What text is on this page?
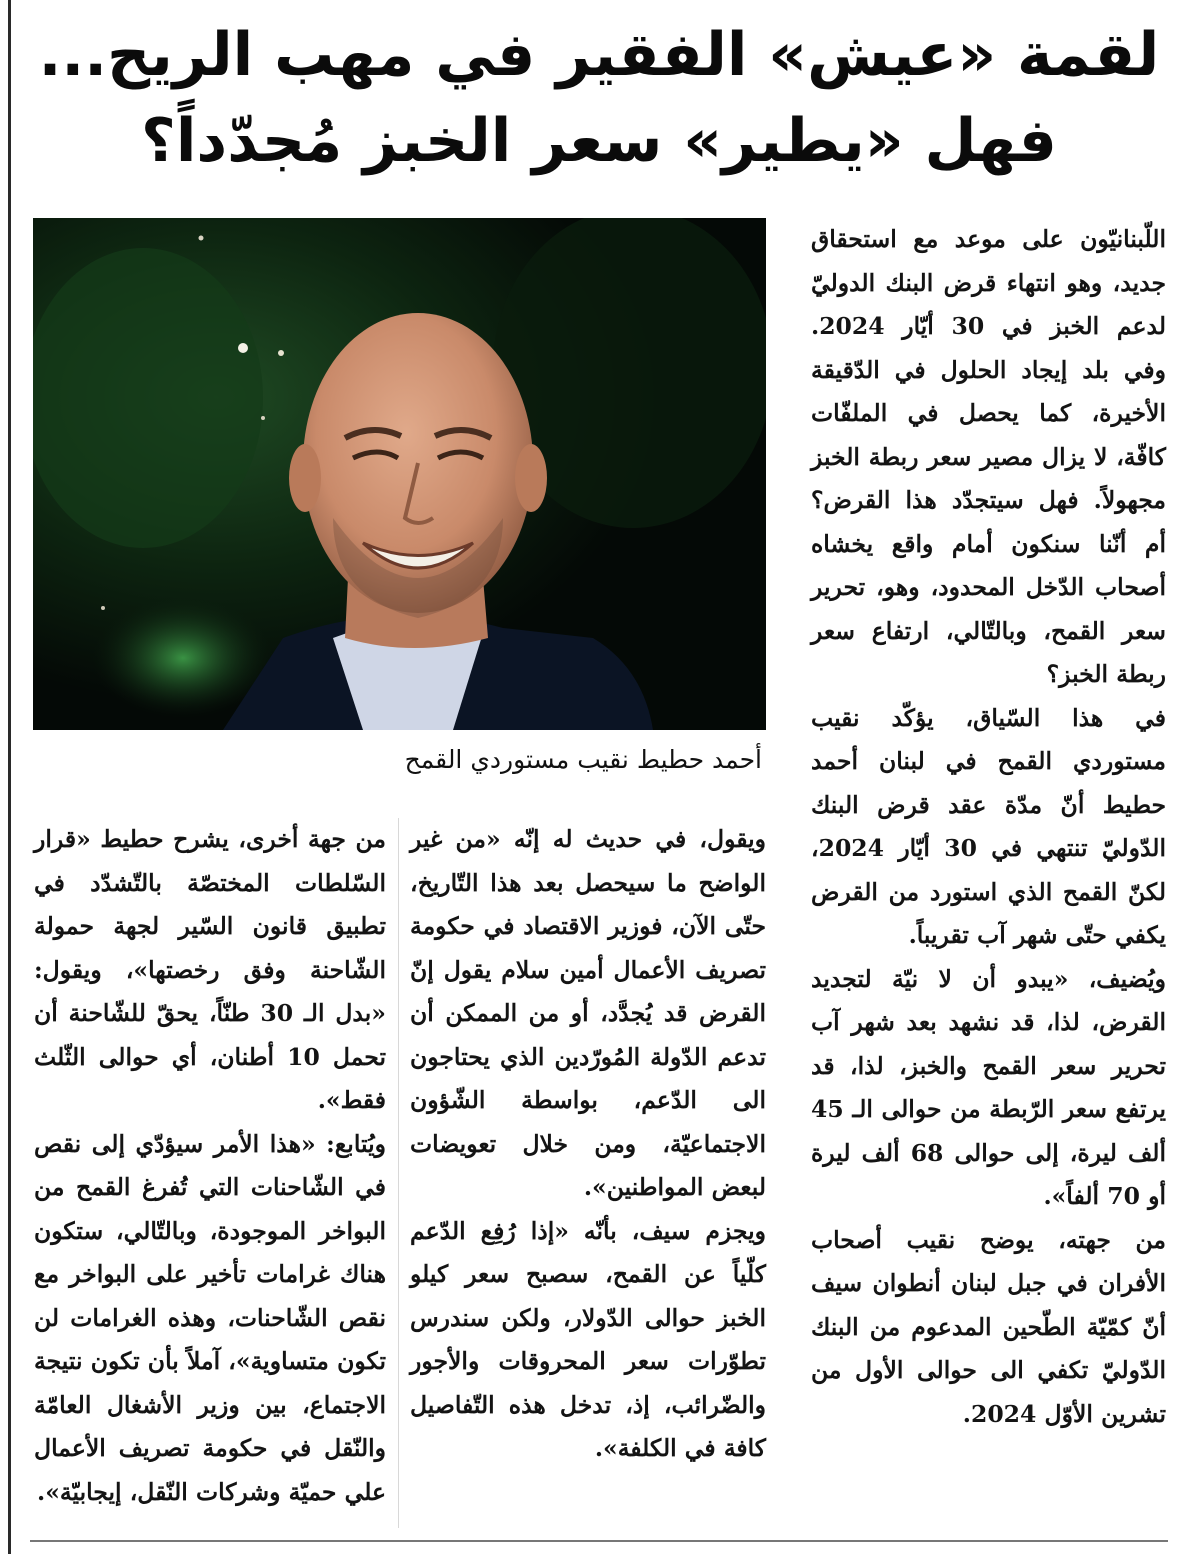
لقمة «عيش» الفقير في مهب الريح...
فهل «يطير» سعر الخبز مُجدّداً؟

اللّبنانيّون على موعد مع استحقاق جديد، وهو انتهاء قرض البنك الدوليّ لدعم الخبز في 30 أيّار 2024. وفي بلد إيجاد الحلول في الدّقيقة الأخيرة، كما يحصل في الملفّات كافّة، لا يزال مصير سعر ربطة الخبز مجهولاً. فهل سيتجدّد هذا القرض؟ أم أنّنا سنكون أمام واقع يخشاه أصحاب الدّخل المحدود، وهو، تحرير سعر القمح، وبالتّالي، ارتفاع سعر ربطة الخبز؟

في هذا السّياق، يؤكّد نقيب مستوردي القمح في لبنان أحمد حطيط أنّ مدّة عقد قرض البنك الدّوليّ تنتهي في 30 أيّار 2024، لكنّ القمح الذي استورد من القرض يكفي حتّى شهر آب تقريباً.

ويُضيف، «يبدو أن لا نيّة لتجديد القرض، لذا، قد نشهد بعد شهر آب تحرير سعر القمح والخبز، لذا، قد يرتفع سعر الرّبطة من حوالى الـ 45 ألف ليرة، إلى حوالى 68 ألف ليرة أو 70 ألفاً».

من جهته، يوضح نقيب أصحاب الأفران في جبل لبنان أنطوان سيف أنّ كمّيّة الطّحين المدعوم من البنك الدّوليّ تكفي الى حوالى الأول من تشرين الأوّل 2024.

أحمد حطيط نقيب مستوردي القمح

ويقول، في حديث له إنّه «من غير الواضح ما سيحصل بعد هذا التّاريخ، حتّى الآن، فوزير الاقتصاد في حكومة تصريف الأعمال أمين سلام يقول إنّ القرض قد يُجدَّد، أو من الممكن أن تدعم الدّولة المُورّدين الذي يحتاجون الى الدّعم، بواسطة الشّؤون الاجتماعيّة، ومن خلال تعويضات لبعض المواطنين».

ويجزم سيف، بأنّه «إذا رُفِع الدّعم كلّياً عن القمح، سصبح سعر كيلو الخبز حوالى الدّولار، ولكن سندرس تطوّرات سعر المحروقات والأجور والضّرائب، إذ، تدخل هذه التّفاصيل كافة في الكلفة».

من جهة أخرى، يشرح حطيط «قرار السّلطات المختصّة بالتّشدّد في تطبيق قانون السّير لجهة حمولة الشّاحنة وفق رخصتها»، ويقول: «بدل الـ 30 طنّاً، يحقّ للشّاحنة أن تحمل 10 أطنان، أي حوالى الثّلث فقط».

ويُتابع: «هذا الأمر سيؤدّي إلى نقص في الشّاحنات التي تُفرغ القمح من البواخر الموجودة، وبالتّالي، ستكون هناك غرامات تأخير على البواخر مع نقص الشّاحنات، وهذه الغرامات لن تكون متساوية»، آملاً بأن تكون نتيجة الاجتماع، بين وزير الأشغال العامّة والنّقل في حكومة تصريف الأعمال علي حميّة وشركات النّقل، إيجابيّة».
